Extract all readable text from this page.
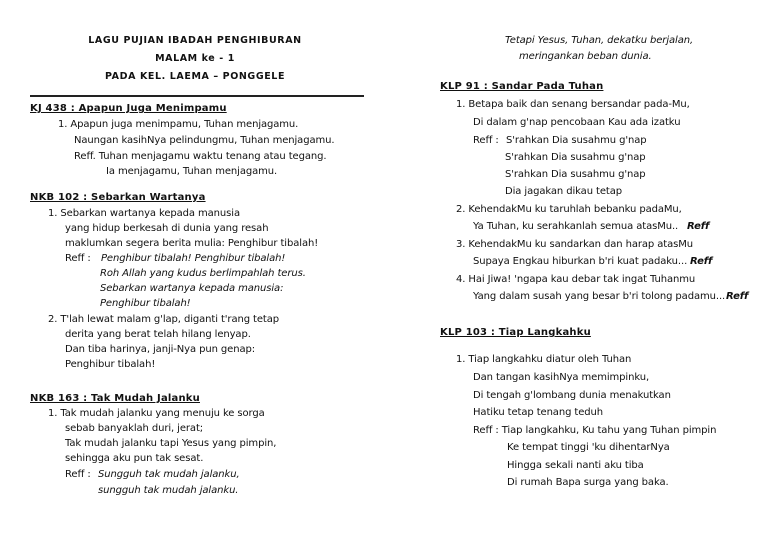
LAGU PUJIAN IBADAH PENGHIBURAN
MALAM ke - 1
PADA KEL. LAEMA – PONGGELE
KJ 438 : Apapun Juga Menimpamu
1. Apapun juga menimpamu, Tuhan menjagamu.
Naungan kasihNya pelindungmu, Tuhan menjagamu.
Reff. Tuhan menjagamu waktu tenang atau tegang.
Ia menjagamu, Tuhan menjagamu.
NKB 102 : Sebarkan Wartanya
1. Sebarkan wartanya kepada manusia
yang hidup berkesah di dunia yang resah
maklumkan segera berita mulia: Penghibur tibalah!
Reff : Penghibur tibalah! Penghibur tibalah!
Roh Allah yang kudus berlimpahlah terus.
Sebarkan wartanya kepada manusia:
Penghibur tibalah!
2. T'lah lewat malam g'lap, diganti t'rang tetap
derita yang berat telah hilang lenyap.
Dan tiba harinya, janji-Nya pun genap:
Penghibur tibalah!
NKB 163 : Tak Mudah Jalanku
1. Tak mudah jalanku yang menuju ke sorga
sebab banyaklah duri, jerat;
Tak mudah jalanku tapi Yesus yang pimpin,
sehingga aku pun tak sesat.
Reff : Sungguh tak mudah jalanku,
sungguh tak mudah jalanku.
Tetapi Yesus, Tuhan, dekatku berjalan,
meringankan beban dunia.
KLP 91 : Sandar Pada Tuhan
1. Betapa baik dan senang bersandar pada-Mu,
Di dalam g'nap pencobaan Kau ada izatku
Reff : S'rahkan Dia susahmu g'nap
S'rahkan Dia susahmu g'nap
S'rahkan Dia susahmu g'nap
Dia jagakan dikau tetap
2. KehendakMu ku taruhlah bebanku padaMu,
Ya Tuhan, ku serahkanlah semua atasMu.. Reff
3. KehendakMu ku sandarkan dan harap atasMu
Supaya Engkau hiburkan b'ri kuat padaku... Reff
4. Hai Jiwa! 'ngapa kau debar tak ingat Tuhanmu
Yang dalam susah yang besar b'ri tolong padamu... Reff
KLP 103 : Tiap Langkahku
1. Tiap langkahku diatur oleh Tuhan
Dan tangan kasihNya memimpinku,
Di tengah g'lombang dunia menakutkan
Hatiku tetap tenang teduh
Reff : Tiap langkahku, Ku tahu yang Tuhan pimpin
Ke tempat tinggi 'ku dihentarNya
Hingga sekali nanti aku tiba
Di rumah Bapa surga yang baka.
